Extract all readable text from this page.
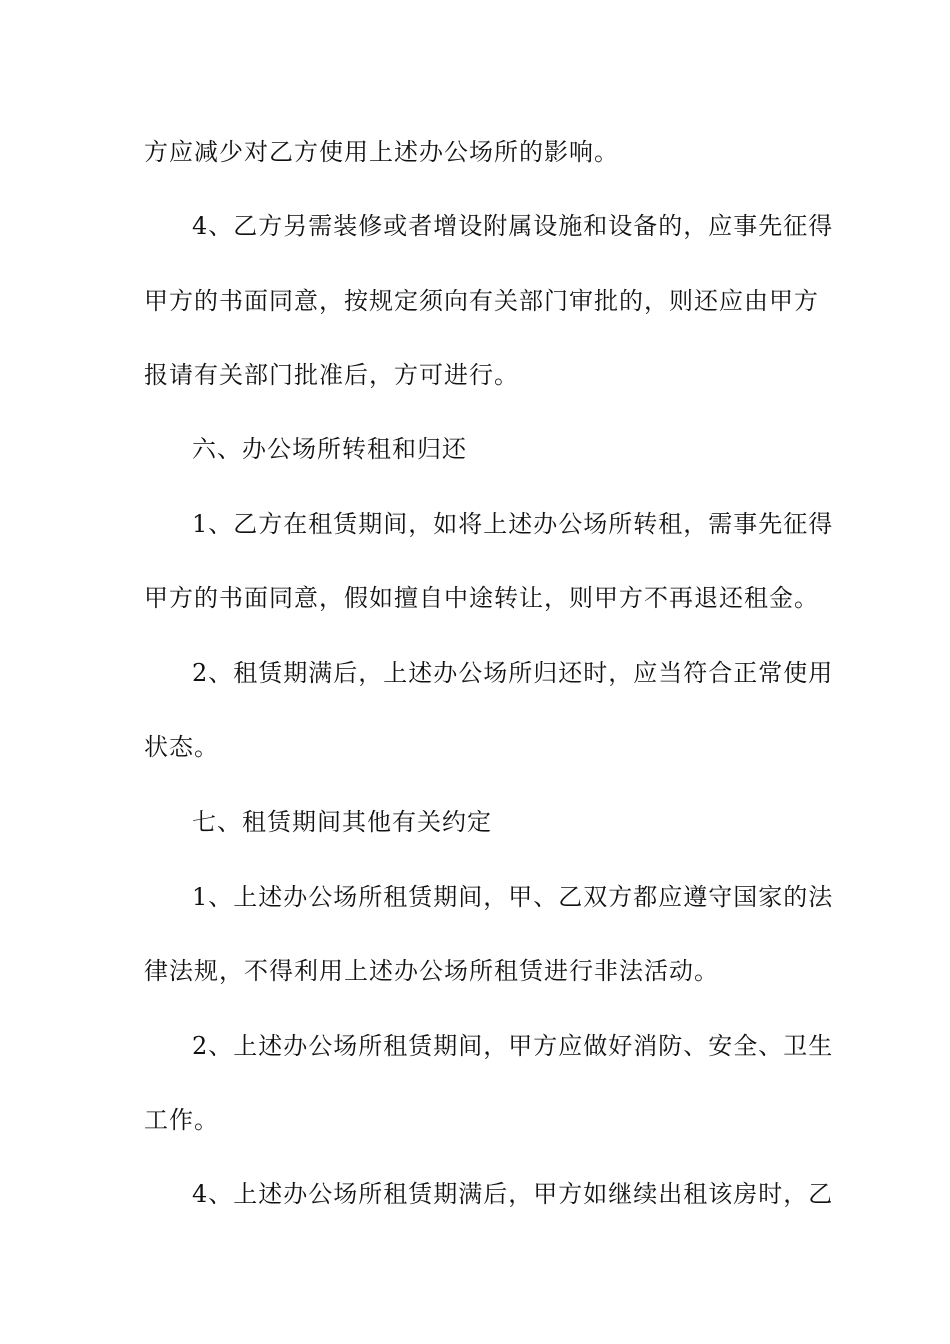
方应减少对乙方使用上述办公场所的影响。
4、乙方另需装修或者增设附属设施和设备的，应事先征得
甲方的书面同意，按规定须向有关部门审批的，则还应由甲方
报请有关部门批准后，方可进行。
六、办公场所转租和归还
1、乙方在租赁期间，如将上述办公场所转租，需事先征得
甲方的书面同意，假如擅自中途转让，则甲方不再退还租金。
2、租赁期满后，上述办公场所归还时，应当符合正常使用
状态。
七、租赁期间其他有关约定
1、上述办公场所租赁期间，甲、乙双方都应遵守国家的法
律法规，不得利用上述办公场所租赁进行非法活动。
2、上述办公场所租赁期间，甲方应做好消防、安全、卫生
工作。
4、上述办公场所租赁期满后，甲方如继续出租该房时，乙
